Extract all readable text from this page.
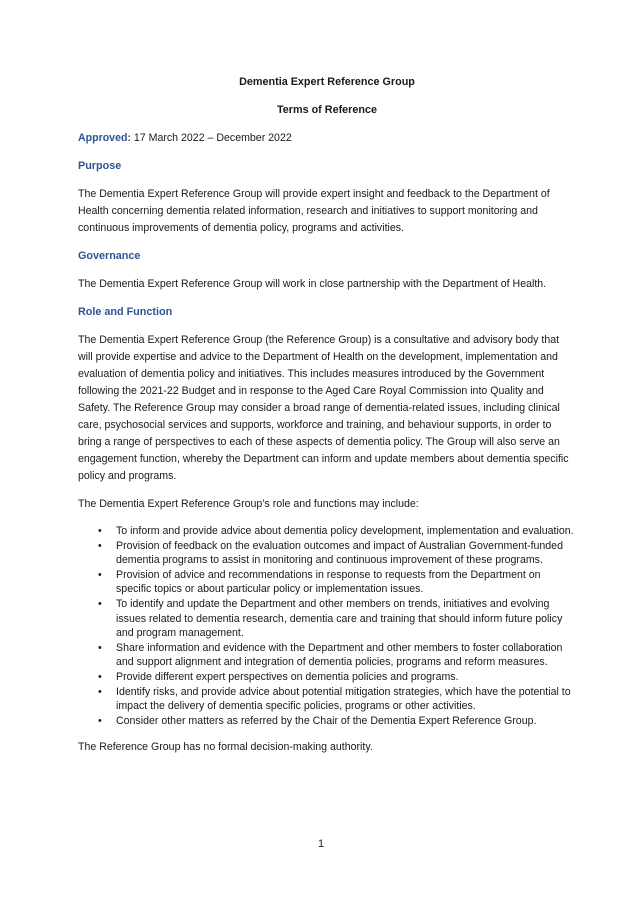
Dementia Expert Reference Group
Terms of Reference
Approved: 17 March 2022 – December 2022
Purpose
The Dementia Expert Reference Group will provide expert insight and feedback to the Department of Health concerning dementia related information, research and initiatives to support monitoring and continuous improvements of dementia policy, programs and activities.
Governance
The Dementia Expert Reference Group will work in close partnership with the Department of Health.
Role and Function
The Dementia Expert Reference Group (the Reference Group) is a consultative and advisory body that will provide expertise and advice to the Department of Health on the development, implementation and evaluation of dementia policy and initiatives. This includes measures introduced by the Government following the 2021-22 Budget and in response to the Aged Care Royal Commission into Quality and Safety. The Reference Group may consider a broad range of dementia-related issues, including clinical care, psychosocial services and supports, workforce and training, and behaviour supports, in order to bring a range of perspectives to each of these aspects of dementia policy. The Group will also serve an engagement function, whereby the Department can inform and update members about dementia specific policy and programs.
The Dementia Expert Reference Group’s role and functions may include:
• To inform and provide advice about dementia policy development, implementation and evaluation.
• Provision of feedback on the evaluation outcomes and impact of Australian Government-funded dementia programs to assist in monitoring and continuous improvement of these programs.
• Provision of advice and recommendations in response to requests from the Department on specific topics or about particular policy or implementation issues.
• To identify and update the Department and other members on trends, initiatives and evolving issues related to dementia research, dementia care and training that should inform future policy and program management.
• Share information and evidence with the Department and other members to foster collaboration and support alignment and integration of dementia policies, programs and reform measures.
• Provide different expert perspectives on dementia policies and programs.
• Identify risks, and provide advice about potential mitigation strategies, which have the potential to impact the delivery of dementia specific policies, programs or other activities.
• Consider other matters as referred by the Chair of the Dementia Expert Reference Group.
The Reference Group has no formal decision-making authority.
1
